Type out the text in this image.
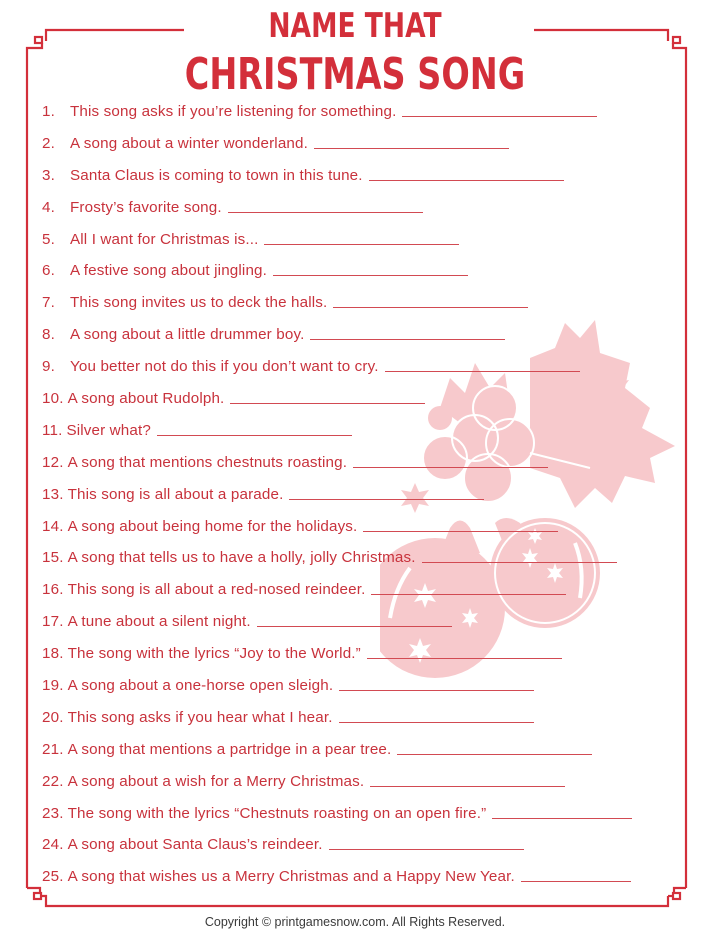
NAME THAT
CHRISTMAS SONG
1. This song asks if you’re listening for something.
2. A song about a winter wonderland.
3. Santa Claus is coming to town in this tune.
4. Frosty’s favorite song.
5. All I want for Christmas is...
6. A festive song about jingling.
7. This song invites us to deck the halls.
8. A song about a little drummer boy.
9. You better not do this if you don’t want to cry.
10. A song about Rudolph.
11. Silver what?
12. A song that mentions chestnuts roasting.
13. This song is all about a parade.
14. A song about being home for the holidays.
15. A song that tells us to have a holly, jolly Christmas.
16. This song is all about a red-nosed reindeer.
17. A tune about a silent night.
18. The song with the lyrics “Joy to the World.”
19. A song about a one-horse open sleigh.
20. This song asks if you hear what I hear.
21. A song that mentions a partridge in a pear tree.
22. A song about a wish for a Merry Christmas.
23. The song with the lyrics “Chestnuts roasting on an open fire.”
24. A song about Santa Claus’s reindeer.
25. A song that wishes us a Merry Christmas and a Happy New Year.
Copyright © printgamesnow.com. All Rights Reserved.
